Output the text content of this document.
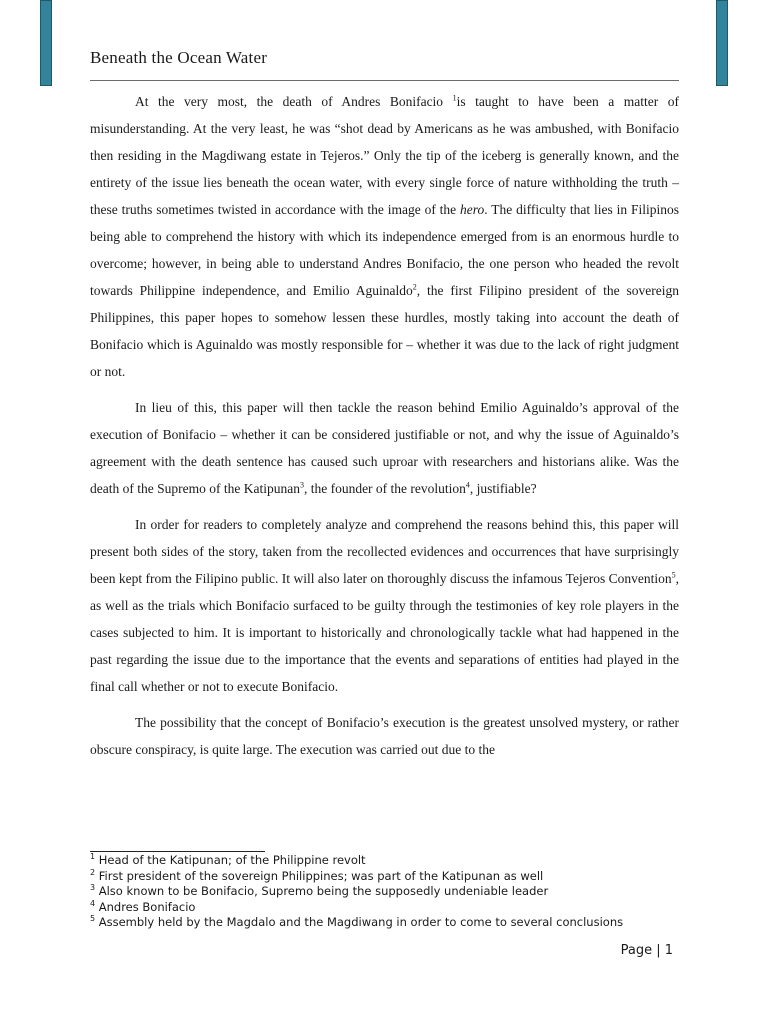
Beneath the Ocean Water

At the very most, the death of Andres Bonifacio $^1$is taught to have been a matter of misunderstanding. At the very least, he was “shot dead by Americans as he was ambushed, with Bonifacio then residing in the Magdiwang estate in Tejeros.” Only the tip of the iceberg is generally known, and the entirety of the issue lies beneath the ocean water, with every single force of nature withholding the truth – these truths sometimes twisted in accordance with the image of the hero. The difficulty that lies in Filipinos being able to comprehend the history with which its independence emerged from is an enormous hurdle to overcome; however, in being able to understand Andres Bonifacio, the one person who headed the revolt towards Philippine independence, and Emilio Aguinaldo$^2$, the first Filipino president of the sovereign Philippines, this paper hopes to somehow lessen these hurdles, mostly taking into account the death of Bonifacio which is Aguinaldo was mostly responsible for – whether it was due to the lack of right judgment or not.

In lieu of this, this paper will then tackle the reason behind Emilio Aguinaldo’s approval of the execution of Bonifacio – whether it can be considered justifiable or not, and why the issue of Aguinaldo’s agreement with the death sentence has caused such uproar with researchers and historians alike. Was the death of the Supremo of the Katipunan$^3$, the founder of the revolution$^4$, justifiable?

In order for readers to completely analyze and comprehend the reasons behind this, this paper will present both sides of the story, taken from the recollected evidences and occurrences that have surprisingly been kept from the Filipino public. It will also later on thoroughly discuss the infamous Tejeros Convention$^5$, as well as the trials which Bonifacio surfaced to be guilty through the testimonies of key role players in the cases subjected to him. It is important to historically and chronologically tackle what had happened in the past regarding the issue due to the importance that the events and separations of entities had played in the final call whether or not to execute Bonifacio.

The possibility that the concept of Bonifacio’s execution is the greatest unsolved mystery, or rather obscure conspiracy, is quite large. The execution was carried out due to the

$^1$ Head of the Katipunan; of the Philippine revolt
$^2$ First president of the sovereign Philippines; was part of the Katipunan as well
$^3$ Also known to be Bonifacio, Supremo being the supposedly undeniable leader
$^4$ Andres Bonifacio
$^5$ Assembly held by the Magdalo and the Magdiwang in order to come to several conclusions
Page | 1
